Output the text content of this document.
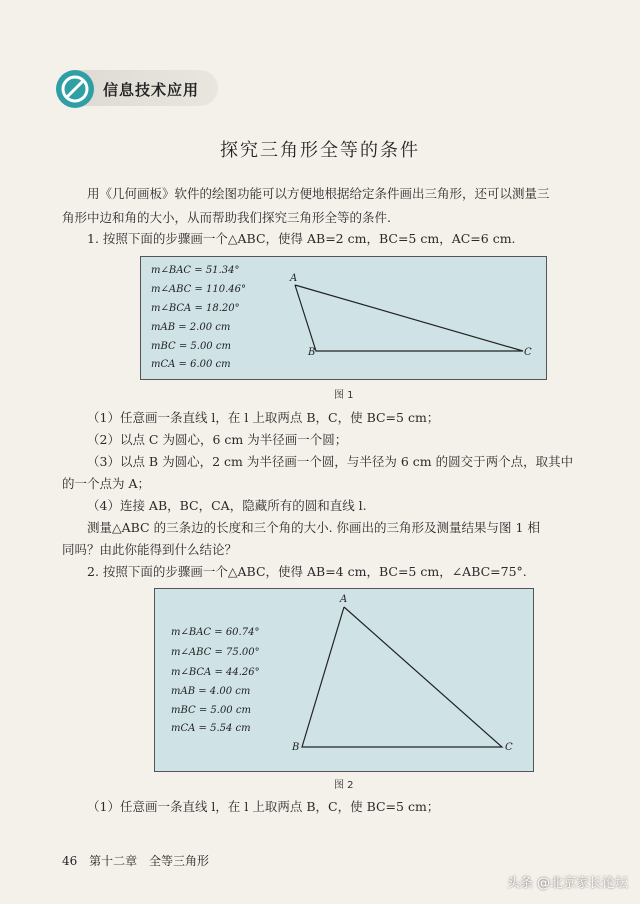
信息技术应用
探究三角形全等的条件
用《几何画板》软件的绘图功能可以方便地根据给定条件画出三角形，还可以测量三
角形中边和角的大小，从而帮助我们探究三角形全等的条件.
1. 按照下面的步骤画一个△ABC，使得 AB=2 cm，BC=5 cm，AC=6 cm.
m∠BAC = 51.34°
m∠ABC = 110.46°
m∠BCA = 18.20°
mAB = 2.00 cm
mBC = 5.00 cm
mCA = 6.00 cm
A
B	C
图 1
（1）任意画一条直线 l，在 l 上取两点 B，C，使 BC=5 cm；
（2）以点 C 为圆心，6 cm 为半径画一个圆；
（3）以点 B 为圆心，2 cm 为半径画一个圆，与半径为 6 cm 的圆交于两个点，取其中
的一个点为 A；
（4）连接 AB，BC，CA，隐藏所有的圆和直线 l.
测量△ABC 的三条边的长度和三个角的大小. 你画出的三角形及测量结果与图 1 相
同吗？由此你能得到什么结论？
2. 按照下面的步骤画一个△ABC，使得 AB=4 cm，BC=5 cm，∠ABC=75°.
m∠BAC = 60.74°
m∠ABC = 75.00°
m∠BCA = 44.26°
mAB = 4.00 cm
mBC = 5.00 cm
mCA = 5.54 cm
A
B	C
图 2
（1）任意画一条直线 l，在 l 上取两点 B，C，使 BC=5 cm；
46 第十二章 全等三角形
头条 @北京家长论坛
